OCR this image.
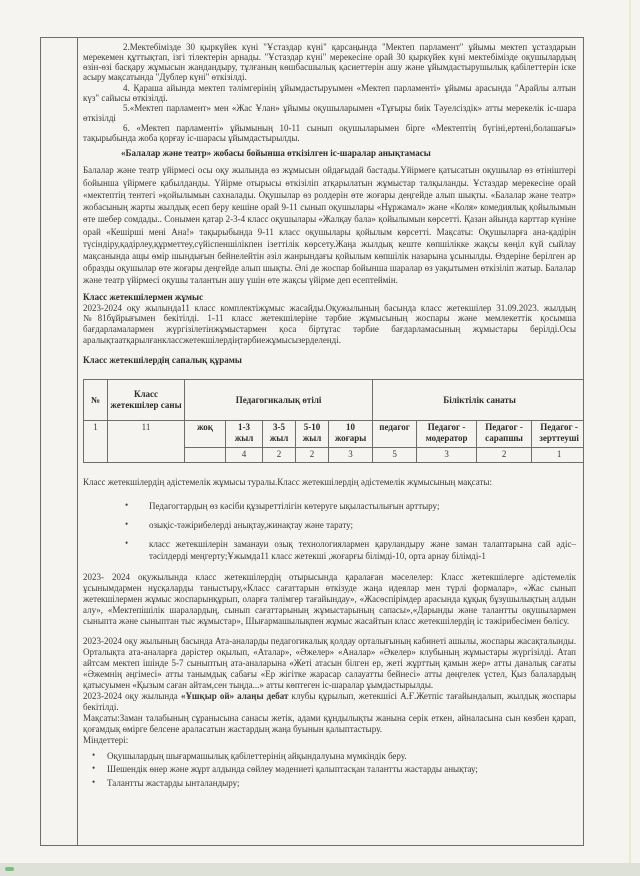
2.Мектебімізде 30 қыркүйек күні "Ұстаздар күні" қарсаңында "Мектеп парламент" ұйымы мектеп ұстаздарын мерекемен құттықтап, ізгі тілектерін арнады. "Ұстаздар күні" мерекесіне орай 30 қыркүйек күні мектебімізде оқушылардың өзін-өзі басқару жұмысын жандандыру, тұлғаның көшбасшылық қасиеттерін ашу және ұйымдастырушылық қабілеттерін іске асыру мақсатында "Дублер күні" өткізілді.

4. Қараша айында мектеп тәлімгерінің ұйымдастыруымен «Мектеп парламенті» ұйымы арасында "Арайлы алтын күз" сайысы өткізілді.

5.«Мектеп парламент» мен «Жас Ұлан» ұйымы оқушыларымен «Тұғыры биік Тәуелсіздік» атты мерекелік іс-шара өткізілді

6. «Мектеп парламенті» ұйымының 10-11 сынып оқушыларымен бірге «Мектептің бүгіні,ертені,болашағы» тақырыбында жоба қорғау іс-шарасы ұйымдастырылды.

«Балалар және театр» жобасы бойынша өткізілген іс-шаралар анықтамасы

Балалар және театр үйірмесі осы оқу жылында өз жұмысын ойдағыдай бастады.Үйірмеге қатысатын оқушылар өз өтініштері бойынша үйірмеге қабылданды. Үйірме отырысы өткізіліп атқарылатын жұмыстар талқыланды. Ұстаздар мерекесіне орай «мектептің тентегі »қойылымын сахналады. Оқушылар өз ролдерін өте жоғары деңгейде алып шықты. «Балалар және театр» жобасының жарты жылдық есеп беру кешіне орай 9-11 сынып оқушылары «Нұржамал» және «Коля» комедиялық қойылымын өте шебер сомдады.. Сонымен қатар 2-3-4 класс оқушылары «Жалқау бала» қойылымын көрсетті. Қазан айында карттар күніне орай «Кешірші мені Ана!» тақырыбында 9-11 класс оқушылары қойылым көрсетті. Мақсаты: Оқушыларға ана-қадірін түсіндіру,қадірлеу,құрметтеу,сүйіспеншілікпен ізеттілік көрсету.Жаңа жылдық кеште көпшілікке жақсы көңіл күй сыйлау мақсанында ащы өмір шындығын бейнелейтін әзіл жанрындағы қойылым көпшілік назарына ұсынылды. Өздеріне берілген әр образды оқушылар өте жоғары деңгейде алып шықты. Әлі де жоспар бойынша шаралар өз уақытымен өткізіліп жатыр. Балалар және театр үйірмесі оқушы талантын ашу үшін өте жақсы үйірме деп есептеймін.

Класс жетекшілермен жұмыс

2023-2024 оқу жылында11 класс комплектіжұмыс жасайды.Оқужылының басында класс жетекшілер 31.09.2023. жылдың №81бұйрығымен бекітілді. 1-11 класс жетекшілеріне тәрбие жұмысының жоспары және мемлекеттік қосымша бағдарламалармен жүргізілетінжұмыстармен қоса біртұтас тәрбие бағдарламасының жұмыстары берілді.Осы аралықтаатқарылғанклассжетекшілердіңтәрбиежұмысызерделенді.

Класс жетекшілердің сапалық құрамы

№	Класс жетекшілер саны	Педагогикалық өтілі					Біліктілік санаты			
1	11	жоқ	1-3 жыл	3-5 жыл	5-10 жыл	10 жоғары	педагог	Педагог - модератор	Педагог - сарапшы	Педагог - зерттеуші
			4	2	2	3	5	3	2	1

Класс жетекшілердің әдістемелік жұмысы туралы.Класс жетекшілердің әдістемелік жұмысының мақсаты:

• Педагогтардың өз кәсіби құзыреттілігін көтеруге ықыластылығын арттыру;
• озықіс-тәжірибелерді анықтау,жинақтау және тарату;
• класс жетекшілерін заманауи озық технологиялармен қаруландыру және заман талаптарына сай әдіс–тәсілдерді меңгерту;Ұжымда11 класс жетекші ,жоғарғы білімді-10, орта арнау білімді-1

2023- 2024 оқужылында класс жетекшілердің отырысында қаралаған мәселелер: Класс жетекшілерге әдістемелік ұсынымдармен нұсқаларды таныстыру,«Класс сағаттарын өткізуде жаңа идеялар мен түрлі формалар», «Жас сынып жетекшілермен жұмыс жоспарынқұрып, оларға тәлімгер тағайындау», «Жасөспірімдер арасында құқық бұзушылықтың алдын алу», «Мектепішілік шаралардың, сынып сағаттарының жұмыстарының сапасы»,«Дарынды және талантты оқушылармен сыныпта және сыныптан тыс жұмыстар», Шығармашылықпен жұмыс жасайтын класс жетекшілердің іс тәжірибесімен бөлісу.

2023-2024 оқу жылының басында Ата-аналарды педагогикалық қолдау орталығының кабинеті ашылы, жоспары жасақталынды. Орталықта ата-аналарға дәрістер оқылып, «Аталар», «Әжелер» «Аналар» «Әкелер» клубының жұмыстары жүргізілді. Атап айтсам мектеп ішінде 5-7 сыныптың ата-аналарына «Жеті атасын білген ер, жеті жұрттың қамын жер» атты даналық сағаты «Әжемнің әңгімесі» атты танымдық сабағы «Ер жігітке жарасар салауатты бейнесі» атты дөңгелек үстел, Қыз балалардың қатысуымен «Қызым саған айтам,сен тыңда...» атты көптеген іс-шаралар ұымдастырылды.

2023-2024 оқу жылында «Ұшқыр ой» алаңы дебат клубы құрылып, жетекшісі А.Ғ.Жетпіс тағайындалып, жылдық жоспары бекітілді.

Мақсаты:Заман талабының сұранысына санасы жетік, адами құндылықты жанына серік еткен, айналасына сын көзбен қарап, қоғамдық өмірге белсене араласатын жастардың жаңа буынын қалыптастыру.

Міндеттері:

• Оқушылардың шығармашылық қабілеттерінің айқындалуына мүмкіндік беру.
• Шешендік өнер және жұрт алдында сөйлеу мәдениеті қалыптасқан талантты жастарды анықтау;
• Талантты жастарды ынталандыру;
